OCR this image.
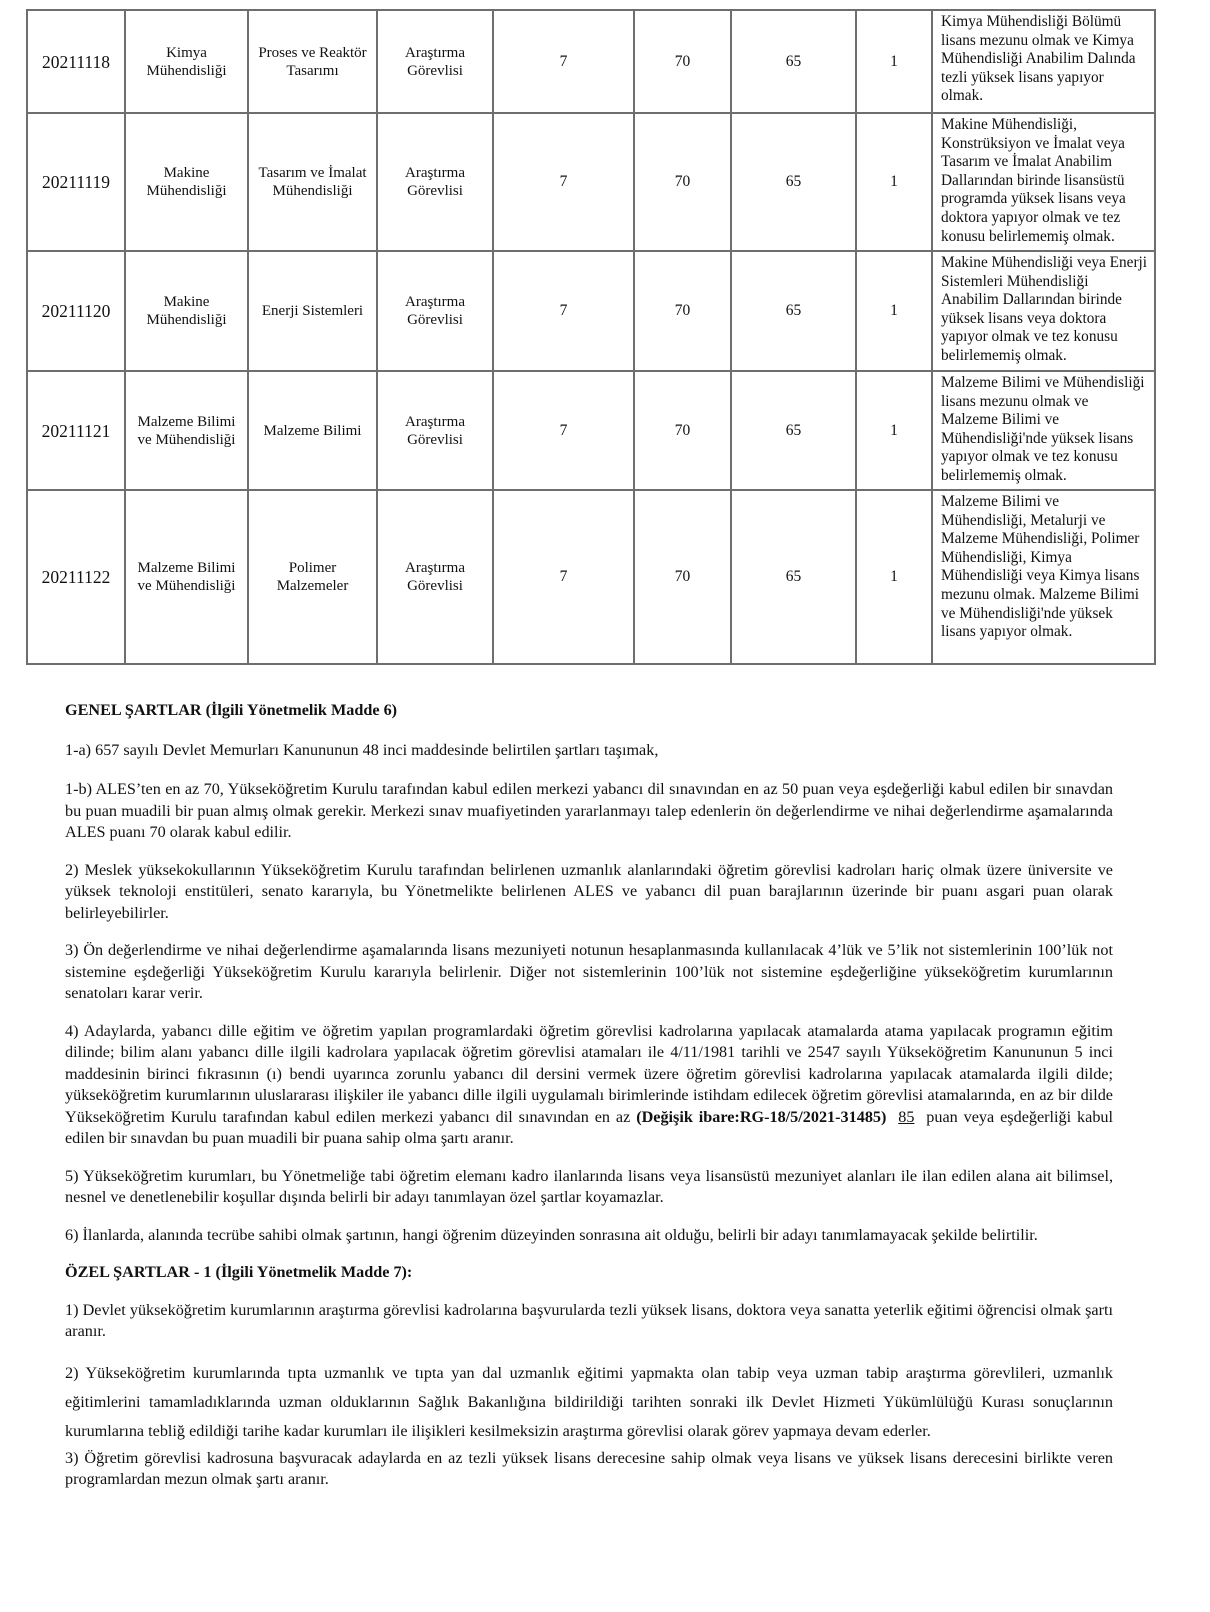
20211118	Kimya Mühendisliği	Proses ve Reaktör Tasarımı	Araştırma Görevlisi	7	70	65	1	Kimya Mühendisliği Bölümü lisans mezunu olmak ve Kimya Mühendisliği Anabilim Dalında tezli yüksek lisans yapıyor olmak.
20211119	Makine Mühendisliği	Tasarım ve İmalat Mühendisliği	Araştırma Görevlisi	7	70	65	1	Makine Mühendisliği, Konstrüksiyon ve İmalat veya Tasarım ve İmalat Anabilim Dallarından birinde lisansüstü programda yüksek lisans veya doktora yapıyor olmak ve tez konusu belirlememiş olmak.
20211120	Makine Mühendisliği	Enerji Sistemleri	Araştırma Görevlisi	7	70	65	1	Makine Mühendisliği veya Enerji Sistemleri Mühendisliği Anabilim Dallarından birinde yüksek lisans veya doktora yapıyor olmak ve tez konusu belirlememiş olmak.
20211121	Malzeme Bilimi ve Mühendisliği	Malzeme Bilimi	Araştırma Görevlisi	7	70	65	1	Malzeme Bilimi ve Mühendisliği lisans mezunu olmak ve Malzeme Bilimi ve Mühendisliği'nde yüksek lisans yapıyor olmak ve tez konusu belirlememiş olmak.
20211122	Malzeme Bilimi ve Mühendisliği	Polimer Malzemeler	Araştırma Görevlisi	7	70	65	1	Malzeme Bilimi ve Mühendisliği, Metalurji ve Malzeme Mühendisliği, Polimer Mühendisliği, Kimya Mühendisliği veya Kimya lisans mezunu olmak. Malzeme Bilimi ve Mühendisliği'nde yüksek lisans yapıyor olmak.

GENEL ŞARTLAR (İlgili Yönetmelik Madde 6)

1-a) 657 sayılı Devlet Memurları Kanununun 48 inci maddesinde belirtilen şartları taşımak,

1-b) ALES’ten en az 70, Yükseköğretim Kurulu tarafından kabul edilen merkezi yabancı dil sınavından en az 50 puan veya eşdeğerliği kabul edilen bir sınavdan bu puan muadili bir puan almış olmak gerekir. Merkezi sınav muafiyetinden yararlanmayı talep edenlerin ön değerlendirme ve nihai değerlendirme aşamalarında ALES puanı 70 olarak kabul edilir.

2) Meslek yüksekokullarının Yükseköğretim Kurulu tarafından belirlenen uzmanlık alanlarındaki öğretim görevlisi kadroları hariç olmak üzere üniversite ve yüksek teknoloji enstitüleri, senato kararıyla, bu Yönetmelikte belirlenen ALES ve yabancı dil puan barajlarının üzerinde bir puanı asgari puan olarak belirleyebilirler.

3) Ön değerlendirme ve nihai değerlendirme aşamalarında lisans mezuniyeti notunun hesaplanmasında kullanılacak 4’lük ve 5’lik not sistemlerinin 100’lük not sistemine eşdeğerliği Yükseköğretim Kurulu kararıyla belirlenir. Diğer not sistemlerinin 100’lük not sistemine eşdeğerliğine yükseköğretim kurumlarının senatoları karar verir.

4) Adaylarda, yabancı dille eğitim ve öğretim yapılan programlardaki öğretim görevlisi kadrolarına yapılacak atamalarda atama yapılacak programın eğitim dilinde; bilim alanı yabancı dille ilgili kadrolara yapılacak öğretim görevlisi atamaları ile 4/11/1981 tarihli ve 2547 sayılı Yükseköğretim Kanununun 5 inci maddesinin birinci fıkrasının (ı) bendi uyarınca zorunlu yabancı dil dersini vermek üzere öğretim görevlisi kadrolarına yapılacak atamalarda ilgili dilde; yükseköğretim kurumlarının uluslararası ilişkiler ile yabancı dille ilgili uygulamalı birimlerinde istihdam edilecek öğretim görevlisi atamalarında, en az bir dilde Yükseköğretim Kurulu tarafından kabul edilen merkezi yabancı dil sınavından en az (Değişik ibare:RG-18/5/2021-31485) 85  puan veya eşdeğerliği kabul edilen bir sınavdan bu puan muadili bir puana sahip olma şartı aranır.

5) Yükseköğretim kurumları, bu Yönetmeliğe tabi öğretim elemanı kadro ilanlarında lisans veya lisansüstü mezuniyet alanları ile ilan edilen alana ait bilimsel, nesnel ve denetlenebilir koşullar dışında belirli bir adayı tanımlayan özel şartlar koyamazlar.

6) İlanlarda, alanında tecrübe sahibi olmak şartının, hangi öğrenim düzeyinden sonrasına ait olduğu, belirli bir adayı tanımlamayacak şekilde belirtilir.

ÖZEL ŞARTLAR - 1 (İlgili Yönetmelik Madde 7):

1) Devlet yükseköğretim kurumlarının araştırma görevlisi kadrolarına başvurularda tezli yüksek lisans, doktora veya sanatta yeterlik eğitimi öğrencisi olmak şartı aranır.

2) Yükseköğretim kurumlarında tıpta uzmanlık ve tıpta yan dal uzmanlık eğitimi yapmakta olan tabip veya uzman tabip araştırma görevlileri, uzmanlık eğitimlerini tamamladıklarında uzman olduklarının Sağlık Bakanlığına bildirildiği tarihten sonraki ilk Devlet Hizmeti Yükümlülüğü Kurası sonuçlarının kurumlarına tebliğ edildiği tarihe kadar kurumları ile ilişikleri kesilmeksizin araştırma görevlisi olarak görev yapmaya devam ederler.

3) Öğretim görevlisi kadrosuna başvuracak adaylarda en az tezli yüksek lisans derecesine sahip olmak veya lisans ve yüksek lisans derecesini birlikte veren programlardan mezun olmak şartı aranır.
